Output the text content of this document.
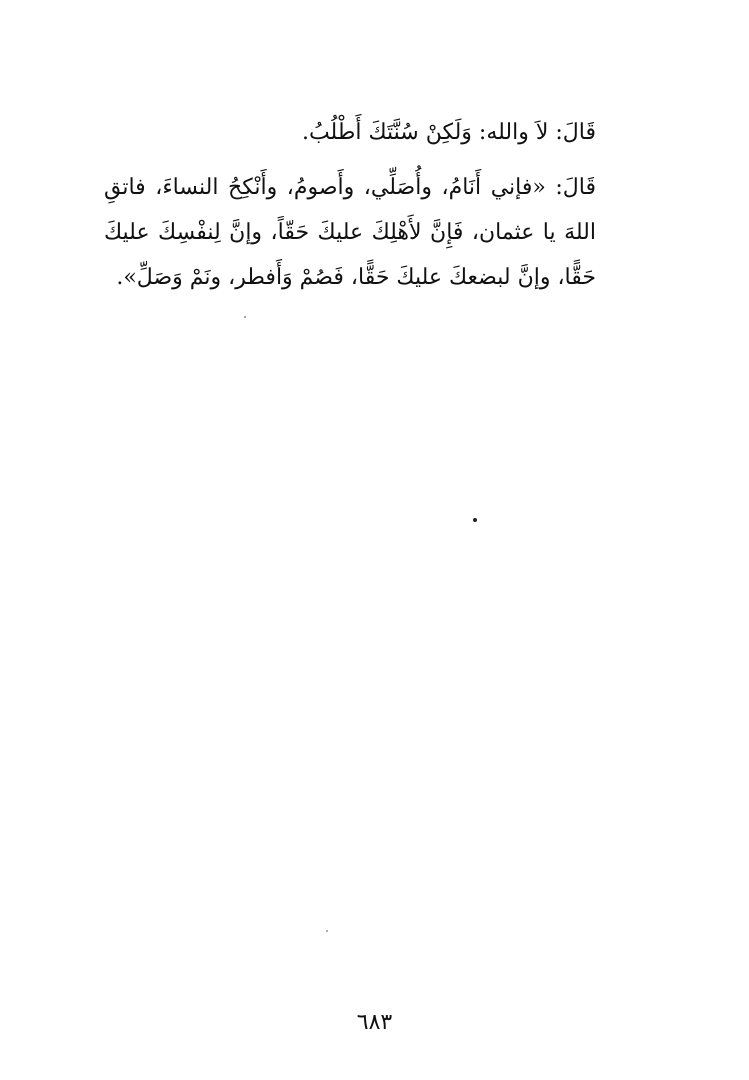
قَالَ: لاَ والله: وَلَكِنْ سُنَّتَكَ أَطْلُبُ.

قَالَ: «فإني أَنَامُ، وأُصَلِّي، وأَصومُ، وأَنْكِحُ النساءَ، فاتقِ اللهَ يا عثمان، فَإِنَّ لأَهْلِكَ عليكَ حَقّاً، وإنَّ لِنفْسِكَ عليكَ حَقًّا، وإنَّ لبضعكَ عليكَ حَقًّا، فَصُمْ وَأَفطر، ونَمْ وَصَلِّ».

٦٨٣
